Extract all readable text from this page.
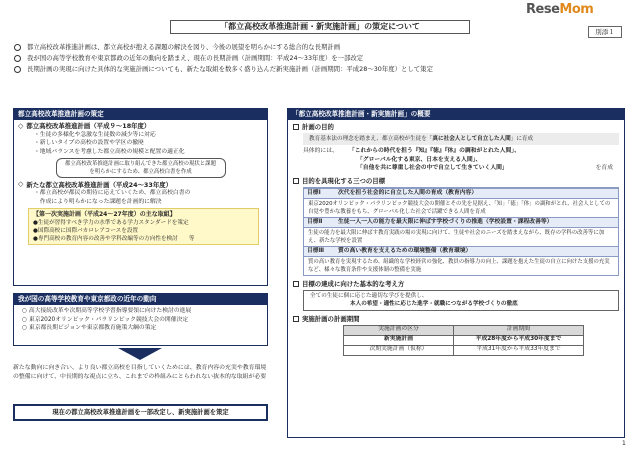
ReseMom
「都立高校改革推進計画・新実施計画」の策定について
別添１
都立高校改革推進計画は、都立高校が抱える課題の解決を図り、今後の展望を明らかにする総合的な長期計画
我が国の高等学校教育や東京都政の近年の動向を踏まえ、現在の長期計画（計画期間：平成24～33年度）を一部改定
長期計画の実現に向けた具体的な実施計画についても、新たな取組を数多く盛り込んだ新実施計画（計画期間：平成28～30年度）として策定
都立高校改革推進計画の策定
◇ 都立高校改革推進計画（平成９～18年度）
・生徒の多様化や急激な生徒数の減少等に対応
・新しいタイプの高校の設置や学区の撤廃
・地域バランスを考慮した都立高校の規模と配置の適正化
都立高校改革推進計画に取り組んできた都立高校の現状と課題を明らかにするため、都立高校白書を作成
◇ 新たな都立高校改革推進計画（平成24～33年度）
・都立高校が都民の期待に応えていくため、都立高校白書の
　作成により明らかになった課題を計画的に解決
【第一次実施計画（平成24～27年度）の主な取組】
●生徒が習得すべき学力の水準である学力スタンダードを策定
●国際高校に国際バカロレアコースを設置
●専門高校の教育内容の改善や学科改編等の方向性を検討　　等
我が国の高等学校教育や東京都政の近年の動向
○ 高大接続改革や次期高等学校学習指導要領に向けた検討の進展
○ 東京2020オリンピック・パラリンピック競技大会の開催決定
○ 東京都長期ビジョンや東京都教育施策大綱の策定
新たな動向に向き合い、より良い都立高校を目指していくためには、教育内容の充実や教育環境の整備に向けて、中長期的な視点に立ち、これまでの枠組みにとらわれない抜本的な取組が必要
現在の都立高校改革推進計画を一部改定し、新実施計画を策定
「都立高校改革推進計画・新実施計画」の概要
計画の目的
教育基本法の理念を踏まえ、都立高校が生徒を「真に社会人として自立した人間」に育成
具体的には、	「これからの時代を担う『知』『徳』『体』の調和がとれた人間」、
「グローバル化する東京、日本を支える人間」、
「自他を共に尊重し社会の中で自立して生きていく人間」	を育成
目的を具現化する三つの目標
目標Ⅰ	次代を担う社会的に自立した人間の育成（教育内容）
東京2020オリンピック・パラリンピック競技大会の開催とその先を見据え、「知」「徳」「体」の調和がとれ、社会人としての自覚や豊かな教養をもち、グローバル化した社会で活躍できる人間を育成
目標Ⅱ	生徒一人一人の能力を最大限に伸ばす学校づくりの推進（学校設置・課程改善等）
生徒の能力を最大限に伸ばす教育実践の場の実現に向けて、生徒や社会のニーズを踏まえながら、既存の学科の改善等に加え、新たな学校を設置
目標Ⅲ	質の高い教育を支えるための環境整備（教育環境）
質の高い教育を実現するため、組織的な学校経営の強化、教員の指導力の向上、課題を抱えた生徒の自立に向けた支援の充実など、様々な教育条件や支援体制の整備を実施
目標の達成に向けた基本的な考え方
全ての生徒に個に応じた適切な学びを提供し、
本人の希望・適性に応じた進学・就職につながる学校づくりの徹底
実施計画の計画期間
実施計画の区分	計画期間
新実施計画	平成28年度から平成30年度まで
次期実施計画（仮称）	平成31年度から平成33年度まで
1
